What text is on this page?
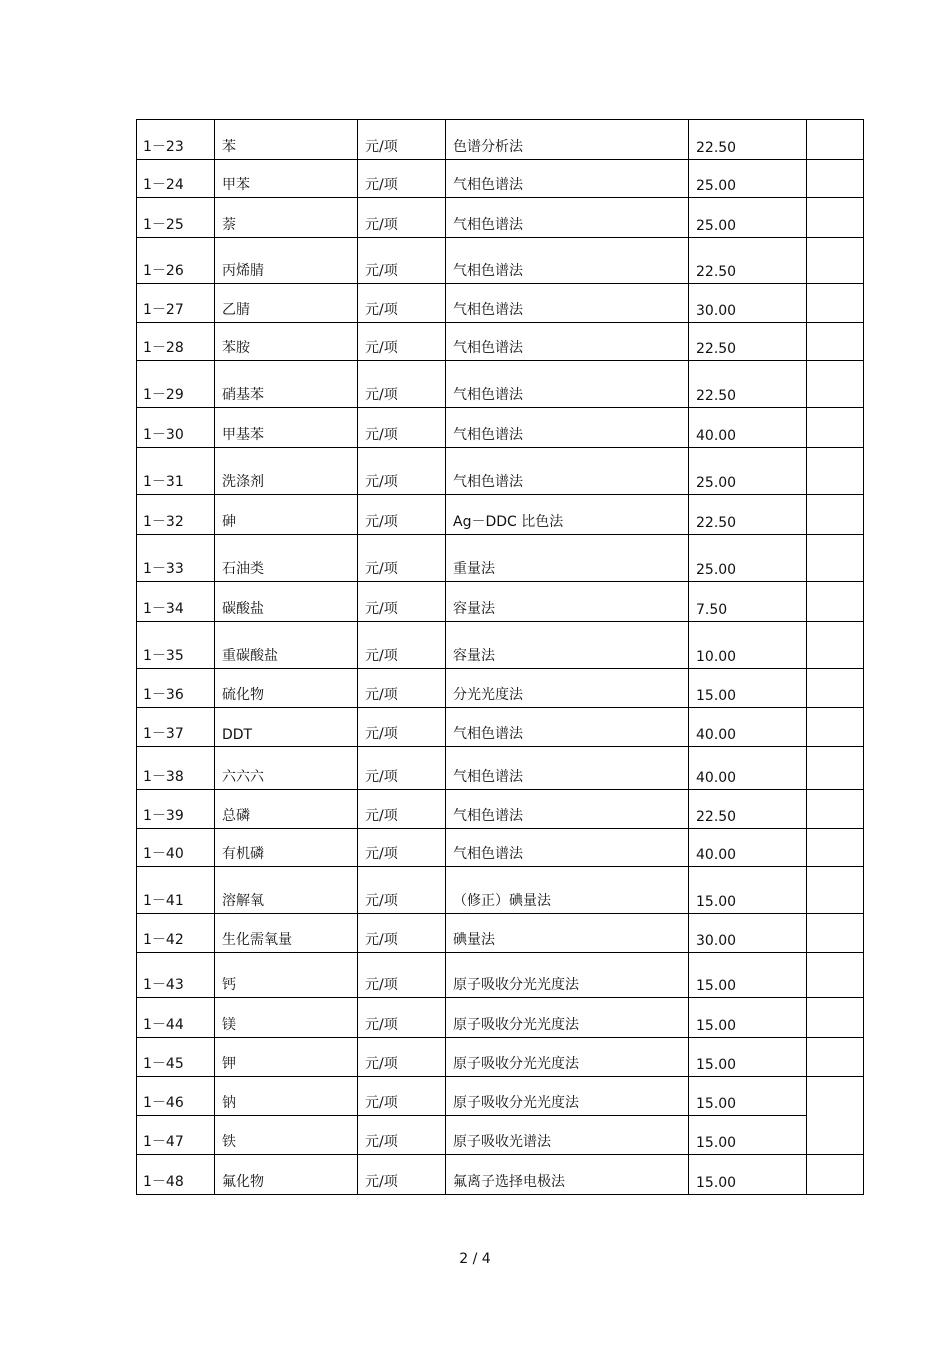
1－23	苯	元/项	色谱分析法	22.50	
1－24	甲苯	元/项	气相色谱法	25.00	
1－25	萘	元/项	气相色谱法	25.00	
1－26	丙烯腈	元/项	气相色谱法	22.50	
1－27	乙腈	元/项	气相色谱法	30.00	
1－28	苯胺	元/项	气相色谱法	22.50	
1－29	硝基苯	元/项	气相色谱法	22.50	
1－30	甲基苯	元/项	气相色谱法	40.00	
1－31	洗涤剂	元/项	气相色谱法	25.00	
1－32	砷	元/项	Ag－DDC 比色法	22.50	
1－33	石油类	元/项	重量法	25.00	
1－34	碳酸盐	元/项	容量法	7.50	
1－35	重碳酸盐	元/项	容量法	10.00	
1－36	硫化物	元/项	分光光度法	15.00	
1－37	DDT	元/项	气相色谱法	40.00	
1－38	六六六	元/项	气相色谱法	40.00	
1－39	总磷	元/项	气相色谱法	22.50	
1－40	有机磷	元/项	气相色谱法	40.00	
1－41	溶解氧	元/项	（修正）碘量法	15.00	
1－42	生化需氧量	元/项	碘量法	30.00	
1－43	钙	元/项	原子吸收分光光度法	15.00	
1－44	镁	元/项	原子吸收分光光度法	15.00	
1－45	钾	元/项	原子吸收分光光度法	15.00	
1－46	钠	元/项	原子吸收分光光度法	15.00	
1－47	铁	元/项	原子吸收光谱法	15.00	
1－48	氟化物	元/项	氟离子选择电极法	15.00	
2 / 4
